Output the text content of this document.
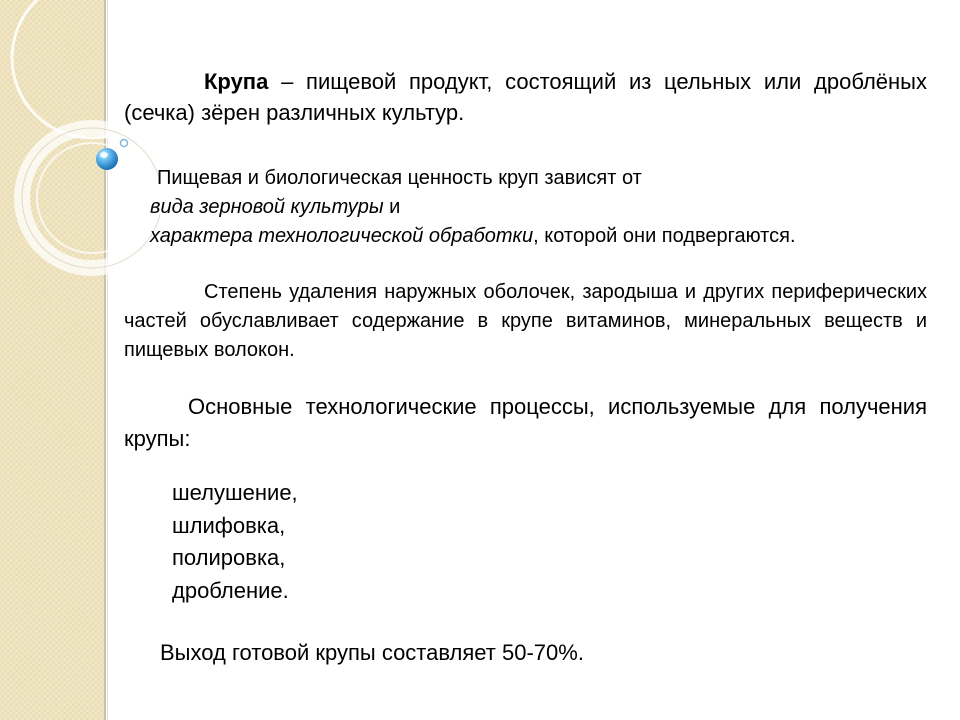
Крупа – пищевой продукт, состоящий из цельных или дроблёных (сечка) зёрен различных культур.

Пищевая и биологическая ценность круп зависят от
вида зерновой культуры и
характера технологической обработки, которой они подвергаются.

Степень удаления наружных оболочек, зародыша и других периферических частей обуславливает содержание в крупе витаминов, минеральных веществ и пищевых волокон.

Основные технологические процессы, используемые для получения крупы:

шелушение,
шлифовка,
полировка,
дробление.

Выход готовой крупы составляет 50-70%.
